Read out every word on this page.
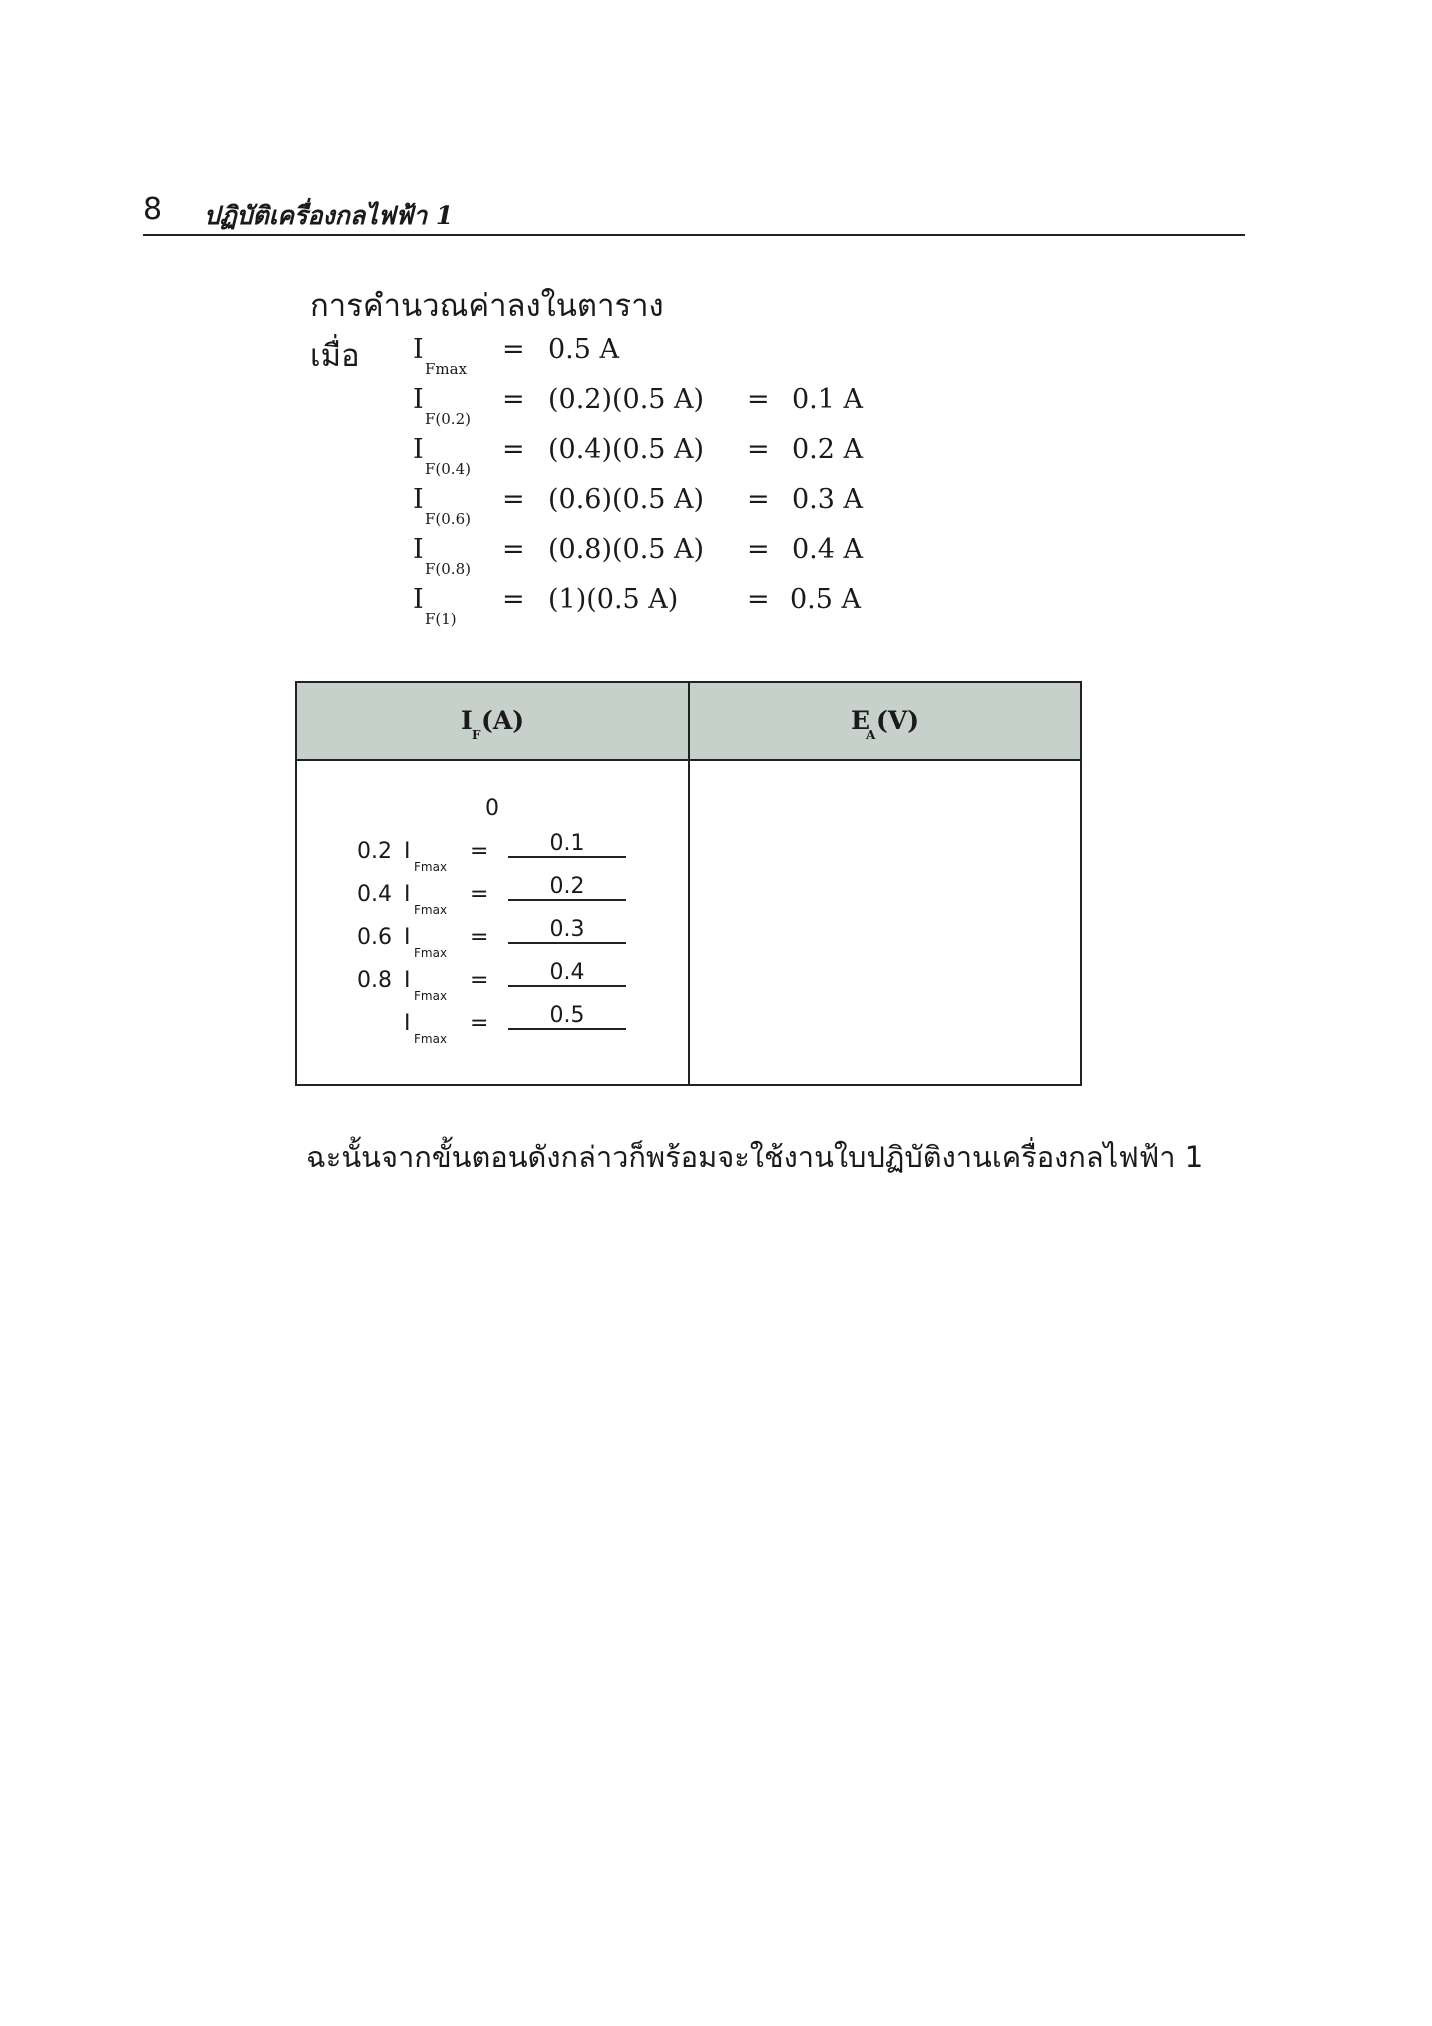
8 ปฏิบัติเครื่องกลไฟฟ้า 1
การคำนวณค่าลงในตาราง
เมื่อ I
Fmax
= 0.5 A
I
F(0.2)
= (0.2)(0.5 A) = 0.1 A
I
F(0.4)
= (0.4)(0.5 A) = 0.2 A
I
F(0.6)
= (0.6)(0.5 A) = 0.3 A
I
F(0.8)
= (0.8)(0.5 A) = 0.4 A
I
F(1)
= (1)(0.5 A)	= 0.5 A
I F (A)	E
A (V)
0
0.2 I
Fmax
=	0.1
0.4 I
Fmax
=	0.2
0.6 I
Fmax
=	0.3
0.8 I
Fmax
=	0.4
I
Fmax
=	0.5
ฉะนั้นจากขั้นตอนดังกล่าวก็พร้อมจะใช้งานใบปฏิบัติงานเครื่องกลไฟฟ้า 1
